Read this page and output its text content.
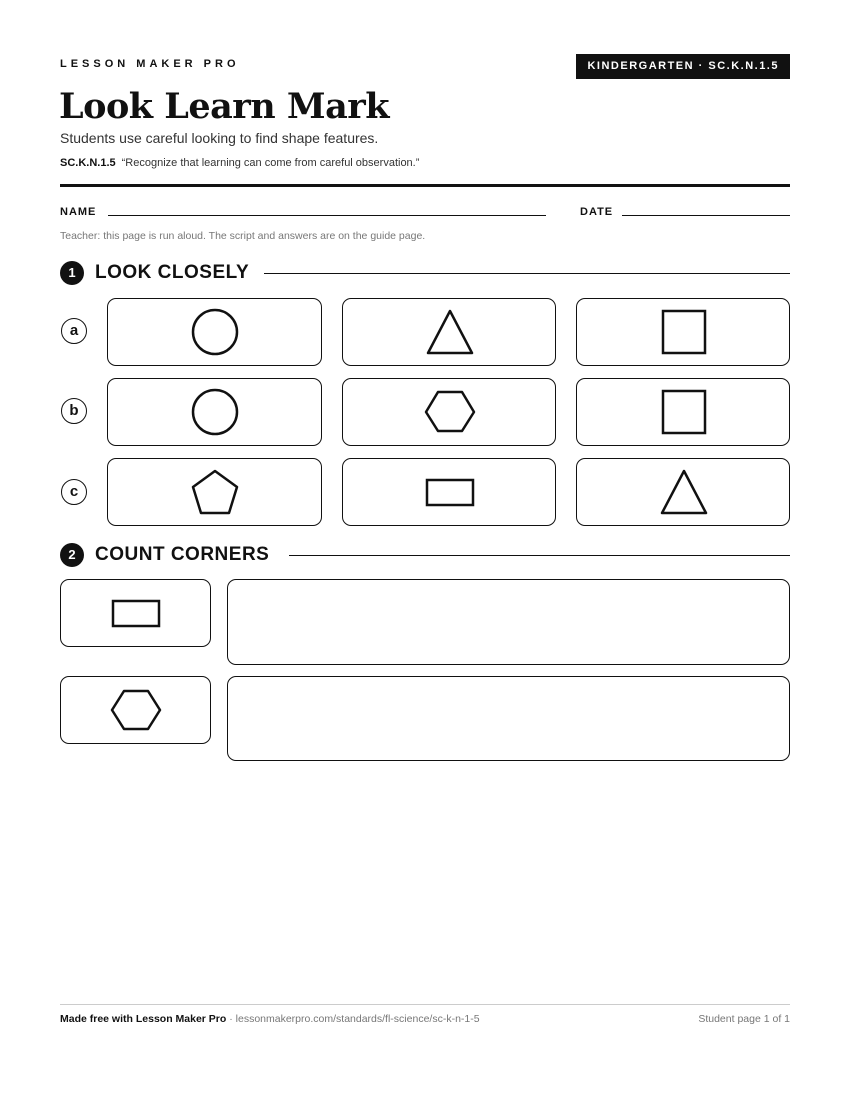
LESSON MAKER PRO	KINDERGARTEN · SC.K.N.1.5
Look Learn Mark
Students use careful looking to find shape features.
SC.K.N.1.5 “Recognize that learning can come from careful observation.”
NAME	DATE
Teacher: this page is run aloud. The script and answers are on the guide page.
1	LOOK CLOSELY
a
b
c
2	COUNT CORNERS
Made free with Lesson Maker Pro · lessonmakerpro.com/standards/fl-science/sc-k-n-1-5	Student page 1 of 1
